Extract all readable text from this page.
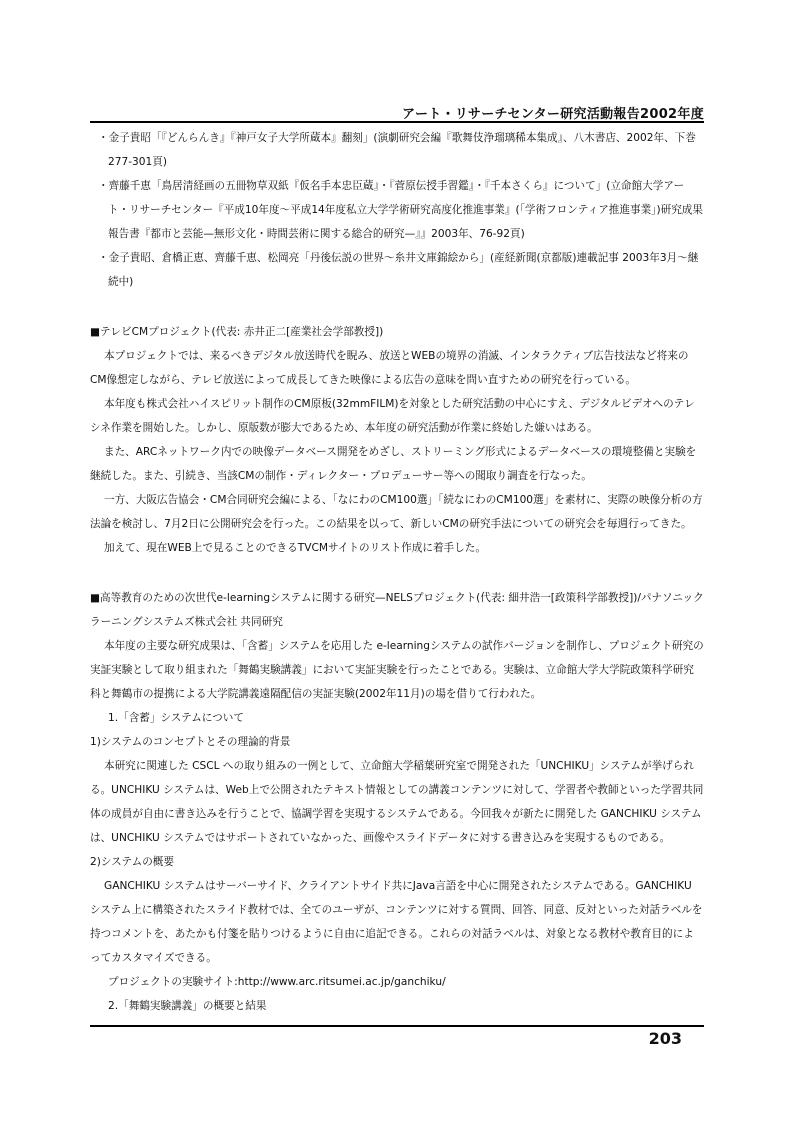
アート・リサーチセンター研究活動報告2002年度

・金子貴昭「『どんらんき』『神戸女子大学所蔵本』翻刻」(演劇研究会編『歌舞伎浄瑠璃稀本集成』、八木書店、2002年、下巻277-301頁)

・齊藤千恵「鳥居清経画の五冊物草双紙『仮名手本忠臣蔵』・『菅原伝授手習鑑』・『千本さくら』について」(立命館大学アート・リサーチセンター『平成10年度〜平成14年度私立大学学術研究高度化推進事業』(「学術フロンティア推進事業」)研究成果報告書『都市と芸能—無形文化・時間芸術に関する総合的研究—』』2003年、76-92頁)

・金子貴昭、倉橋正恵、齊藤千恵、松岡亮「丹後伝説の世界〜糸井文庫錦絵から」(産経新聞(京都版)連載記事 2003年3月〜継続中)

■テレビCMプロジェクト(代表: 赤井正二[産業社会学部教授])

本プロジェクトでは、来るべきデジタル放送時代を睨み、放送とWEBの境界の消滅、インタラクティブ広告技法など将来のCM像想定しながら、テレビ放送によって成長してきた映像による広告の意味を問い直すための研究を行っている。

本年度も株式会社ハイスピリット制作のCM原板(32mmFILM)を対象とした研究活動の中心にすえ、デジタルビデオへのテレシネ作業を開始した。しかし、原版数が膨大であるため、本年度の研究活動が作業に終始した嫌いはある。

また、ARCネットワーク内での映像データベース開発をめざし、ストリーミング形式によるデータベースの環境整備と実験を継続した。また、引続き、当該CMの制作・ディレクター・プロデューサー等への聞取り調査を行なった。

一方、大阪広告協会・CM合同研究会編による、「なにわのCM100選」「続なにわのCM100選」を素材に、実際の映像分析の方法論を検討し、7月2日に公開研究会を行った。この結果を以って、新しいCMの研究手法についての研究会を毎週行ってきた。

加えて、現在WEB上で見ることのできるTVCMサイトのリスト作成に着手した。

■高等教育のための次世代e-learningシステムに関する研究—NELSプロジェクト(代表: 細井浩一[政策科学部教授])/パナソニックラーニングシステムズ株式会社 共同研究

本年度の主要な研究成果は、「含蓄」システムを応用した e-learningシステムの試作バージョンを制作し、プロジェクト研究の実証実験として取り組まれた「舞鶴実験講義」において実証実験を行ったことである。実験は、立命館大学大学院政策科学研究科と舞鶴市の提携による大学院講義遠隔配信の実証実験(2002年11月)の場を借りて行われた。

1.「含蓄」システムについて

1)システムのコンセプトとその理論的背景

本研究に関連した CSCL への取り組みの一例として、立命館大学稲葉研究室で開発された「UNCHIKU」システムが挙げられる。UNCHIKU システムは、Web上で公開されたテキスト情報としての講義コンテンツに対して、学習者や教師といった学習共同体の成員が自由に書き込みを行うことで、協調学習を実現するシステムである。今回我々が新たに開発した GANCHIKU システムは、UNCHIKU システムではサポートされていなかった、画像やスライドデータに対する書き込みを実現するものである。

2)システムの概要

GANCHIKU システムはサーバーサイド、クライアントサイド共にJava言語を中心に開発されたシステムである。GANCHIKU システム上に構築されたスライド教材では、全てのユーザが、コンテンツに対する質問、回答、同意、反対といった対話ラベルを持つコメントを、あたかも付箋を貼りつけるように自由に追記できる。これらの対話ラベルは、対象となる教材や教育目的によってカスタマイズできる。

プロジェクトの実験サイト:http://www.arc.ritsumei.ac.jp/ganchiku/

2.「舞鶴実験講義」の概要と結果

203
